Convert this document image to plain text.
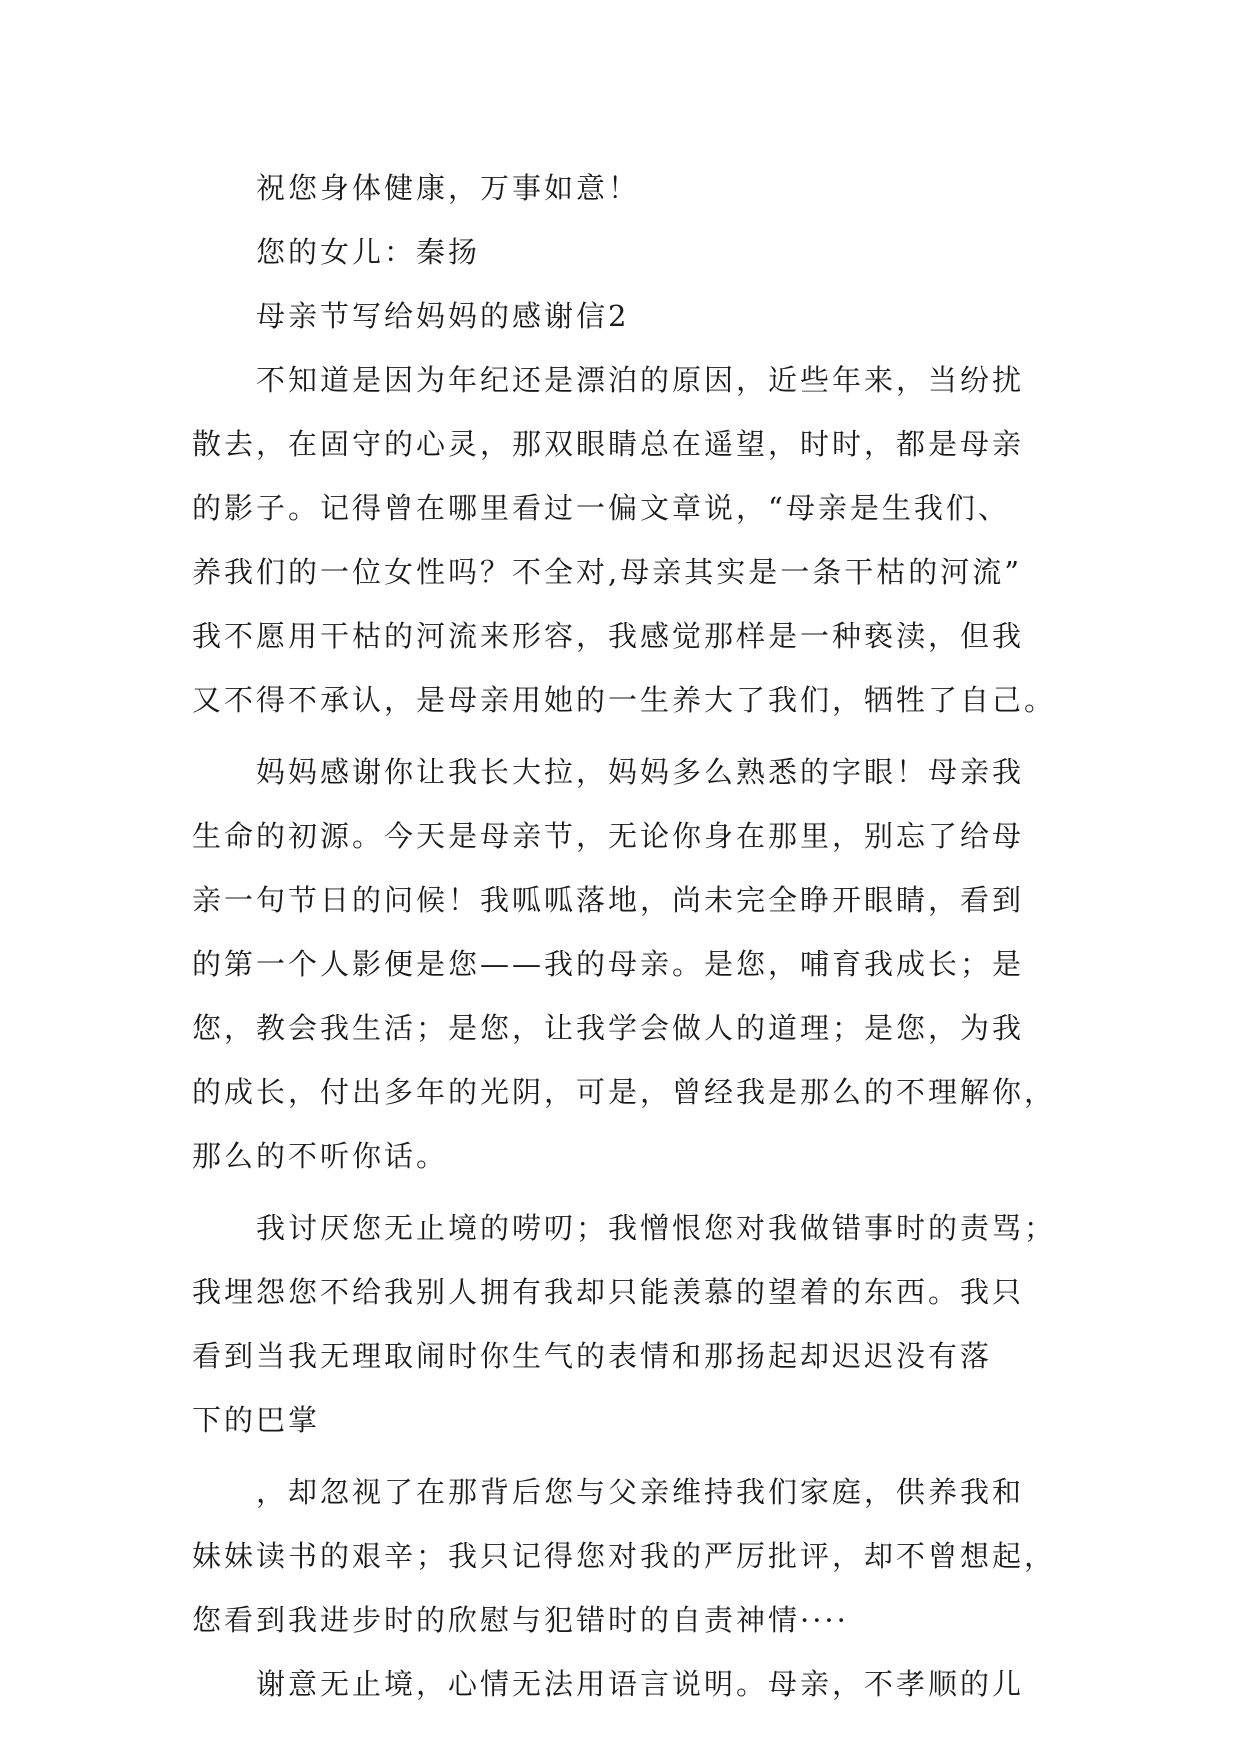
祝您身体健康，万事如意！
您的女儿：秦扬
母亲节写给妈妈的感谢信2
不知道是因为年纪还是漂泊的原因，近些年来，当纷扰
散去，在固守的心灵，那双眼睛总在遥望，时时，都是母亲
的影子。记得曾在哪里看过一偏文章说，“母亲是生我们、
养我们的一位女性吗？不全对,母亲其实是一条干枯的河流”
我不愿用干枯的河流来形容，我感觉那样是一种亵渎，但我
又不得不承认，是母亲用她的一生养大了我们，牺牲了自己。
妈妈感谢你让我长大拉，妈妈多么熟悉的字眼！母亲我
生命的初源。今天是母亲节，无论你身在那里，别忘了给母
亲一句节日的问候！我呱呱落地，尚未完全睁开眼睛，看到
的第一个人影便是您——我的母亲。是您，哺育我成长；是
您，教会我生活；是您，让我学会做人的道理；是您，为我
的成长，付出多年的光阴，可是，曾经我是那么的不理解你，
那么的不听你话。
我讨厌您无止境的唠叨；我憎恨您对我做错事时的责骂；
我埋怨您不给我别人拥有我却只能羡慕的望着的东西。我只
看到当我无理取闹时你生气的表情和那扬起却迟迟没有落
下的巴掌
，却忽视了在那背后您与父亲维持我们家庭，供养我和
妹妹读书的艰辛；我只记得您对我的严厉批评，却不曾想起，
您看到我进步时的欣慰与犯错时的自责神情····
谢意无止境，心情无法用语言说明。母亲，不孝顺的儿
